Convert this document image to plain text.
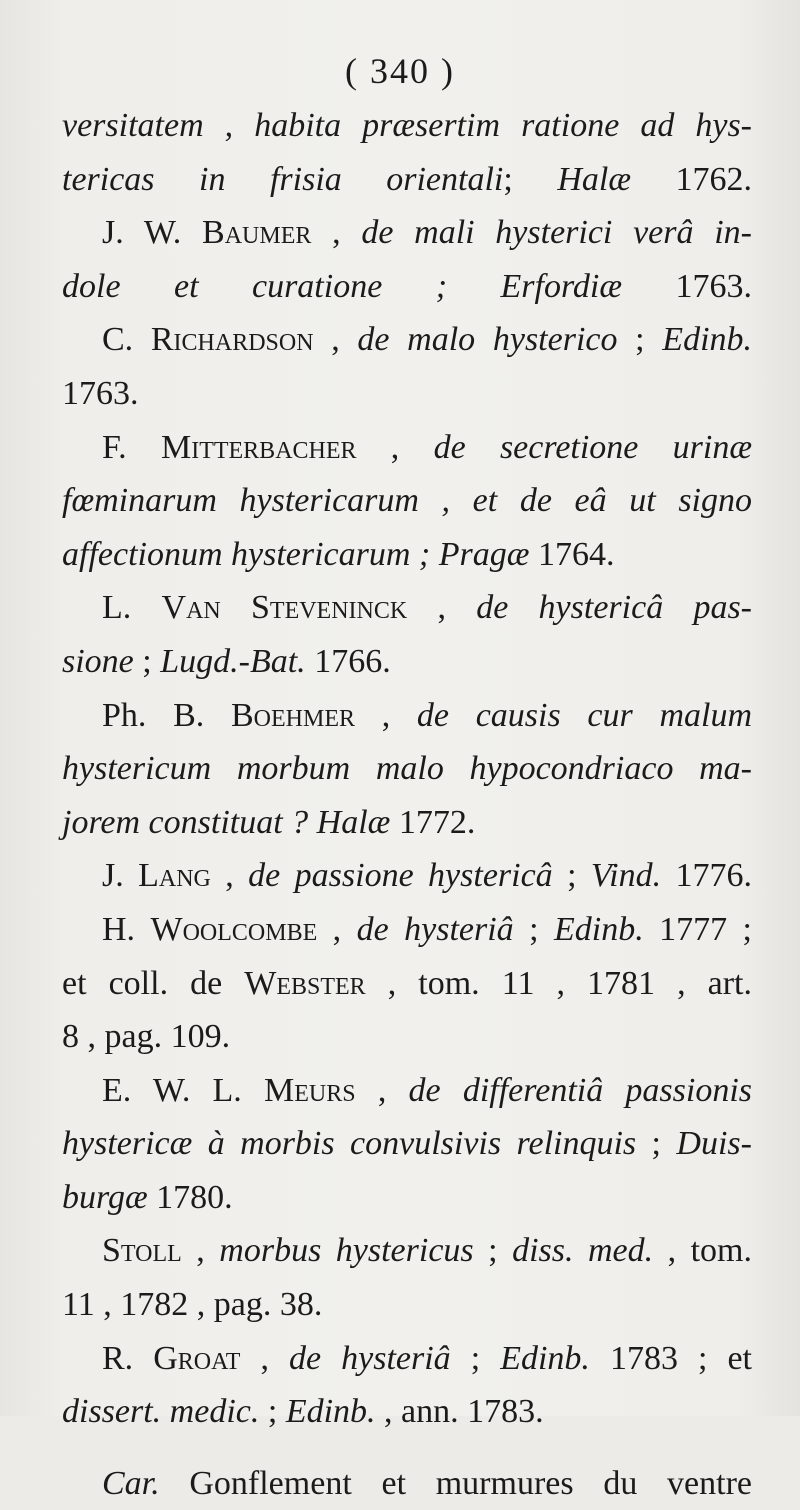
( 340 )
versitatem , habita præsertim ratione ad hys-
tericas in frisia orientali; Halæ 1762.
J. W. Baumer , de mali hysterici verâ in-
dole et curatione ; Erfordiæ 1763.
C. Richardson , de malo hysterico ; Edinb.
1763.
F. Mitterbacher , de secretione urinæ
fœminarum hystericarum , et de eâ ut signo
affectionum hystericarum ; Pragæ 1764.
L. Van Steveninck , de hystericâ pas-
sione ; Lugd.-Bat. 1766.
Ph. B. Boehmer , de causis cur malum
hystericum morbum malo hypocondriaco ma-
jorem constituat ? Halæ 1772.
J. Lang , de passione hystericâ ; Vind. 1776.
H. Woolcombe , de hysteriâ ; Edinb. 1777 ;
et coll. de Webster , tom. 11 , 1781 , art.
8 , pag. 109.
E. W. L. Meurs , de differentiâ passionis
hystericæ à morbis convulsivis relinquis ; Duis-
burgæ 1780.
Stoll , morbus hystericus ; diss. med. , tom.
11 , 1782 , pag. 38.
R. Groat , de hysteriâ ; Edinb. 1783 ; et
dissert. medic. ; Edinb. , ann. 1783.
Car. Gonflement et murmures du ventre
